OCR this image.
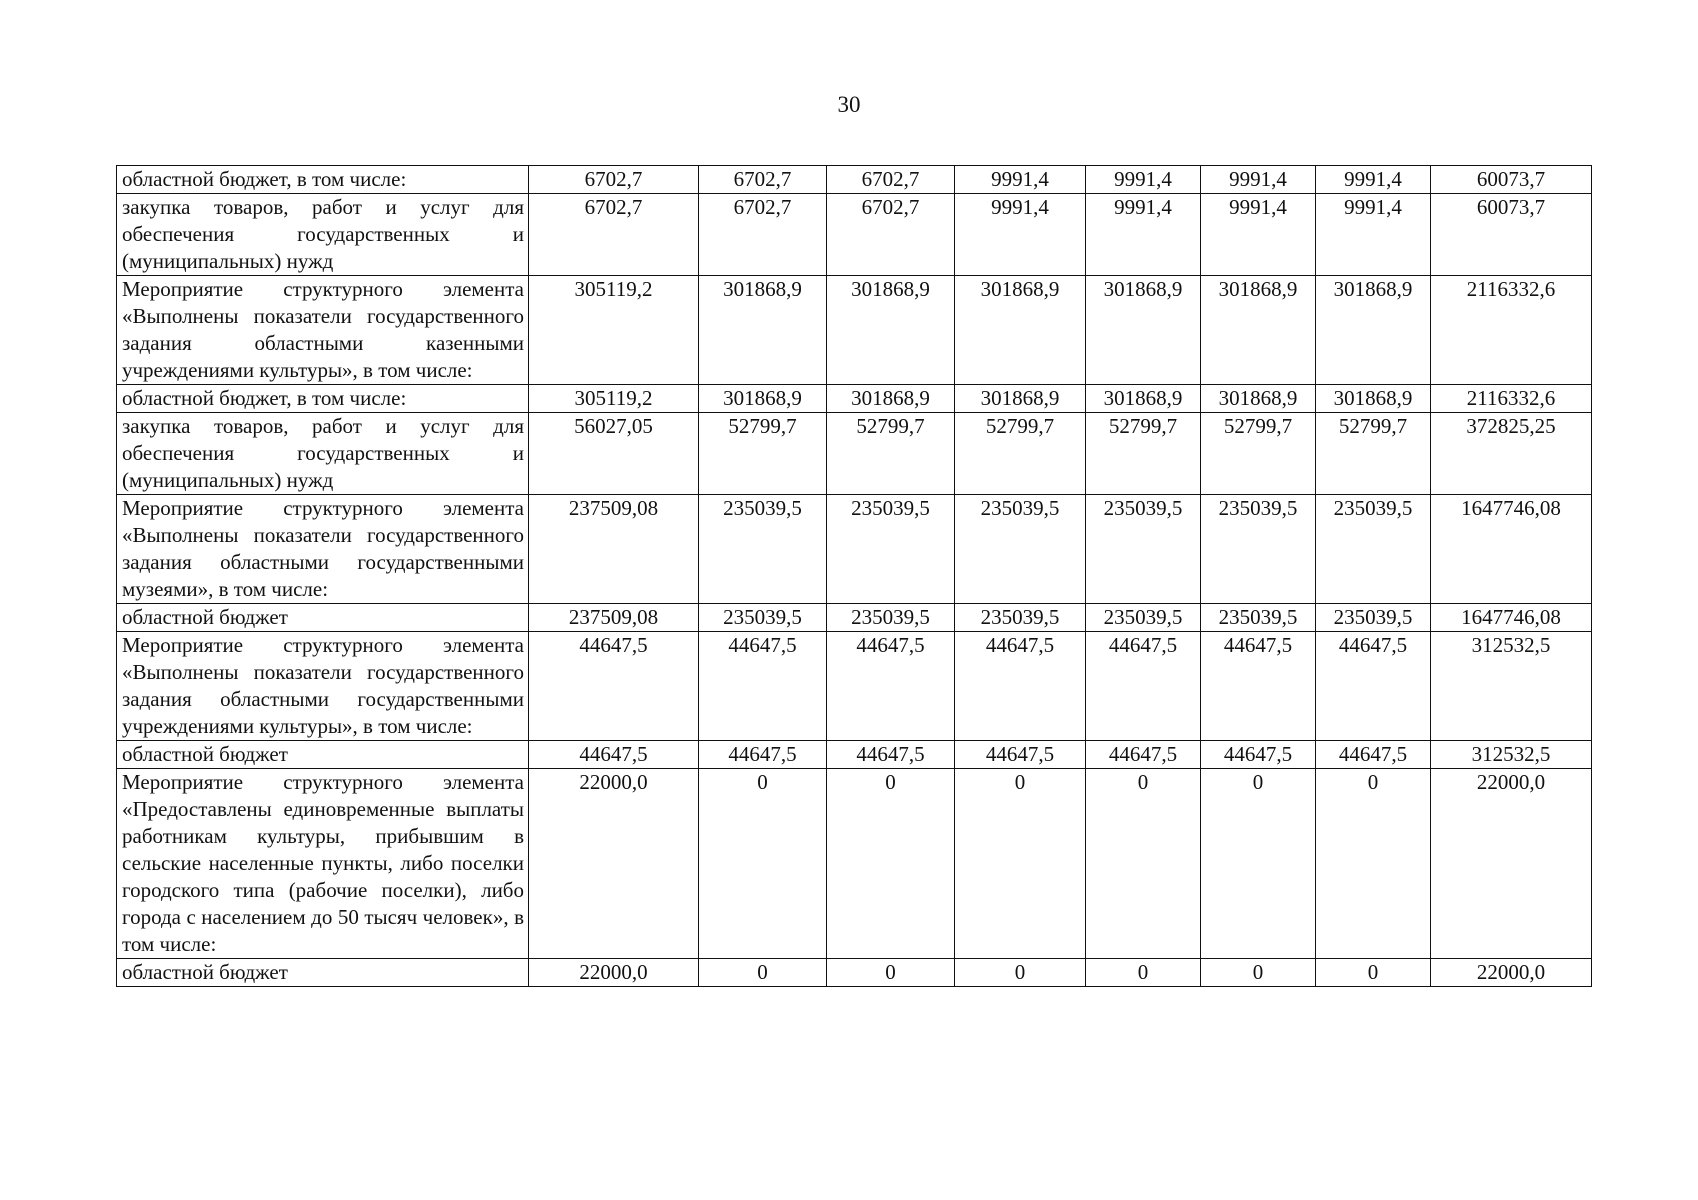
30
областной бюджет, в том числе:	6702,7	6702,7	6702,7	9991,4	9991,4	9991,4	9991,4	60073,7
закупка товаров, работ и услуг для обеспечения государственных и (муниципальных) нужд	6702,7	6702,7	6702,7	9991,4	9991,4	9991,4	9991,4	60073,7
Мероприятие структурного элемента «Выполнены показатели государственного задания областными казенными учреждениями культуры», в том числе:	305119,2	301868,9	301868,9	301868,9	301868,9	301868,9	301868,9	2116332,6
областной бюджет, в том числе:	305119,2	301868,9	301868,9	301868,9	301868,9	301868,9	301868,9	2116332,6
закупка товаров, работ и услуг для обеспечения государственных и (муниципальных) нужд	56027,05	52799,7	52799,7	52799,7	52799,7	52799,7	52799,7	372825,25
Мероприятие структурного элемента «Выполнены показатели государственного задания областными государственными музеями», в том числе:	237509,08	235039,5	235039,5	235039,5	235039,5	235039,5	235039,5	1647746,08
областной бюджет	237509,08	235039,5	235039,5	235039,5	235039,5	235039,5	235039,5	1647746,08
Мероприятие структурного элемента «Выполнены показатели государственного задания областными государственными учреждениями культуры», в том числе:	44647,5	44647,5	44647,5	44647,5	44647,5	44647,5	44647,5	312532,5
областной бюджет	44647,5	44647,5	44647,5	44647,5	44647,5	44647,5	44647,5	312532,5
Мероприятие структурного элемента «Предоставлены единовременные выплаты работникам культуры, прибывшим в сельские населенные пункты, либо поселки городского типа (рабочие поселки), либо города с населением до 50 тысяч человек», в том числе:	22000,0	0	0	0	0	0	0	22000,0
областной бюджет	22000,0	0	0	0	0	0	0	22000,0
